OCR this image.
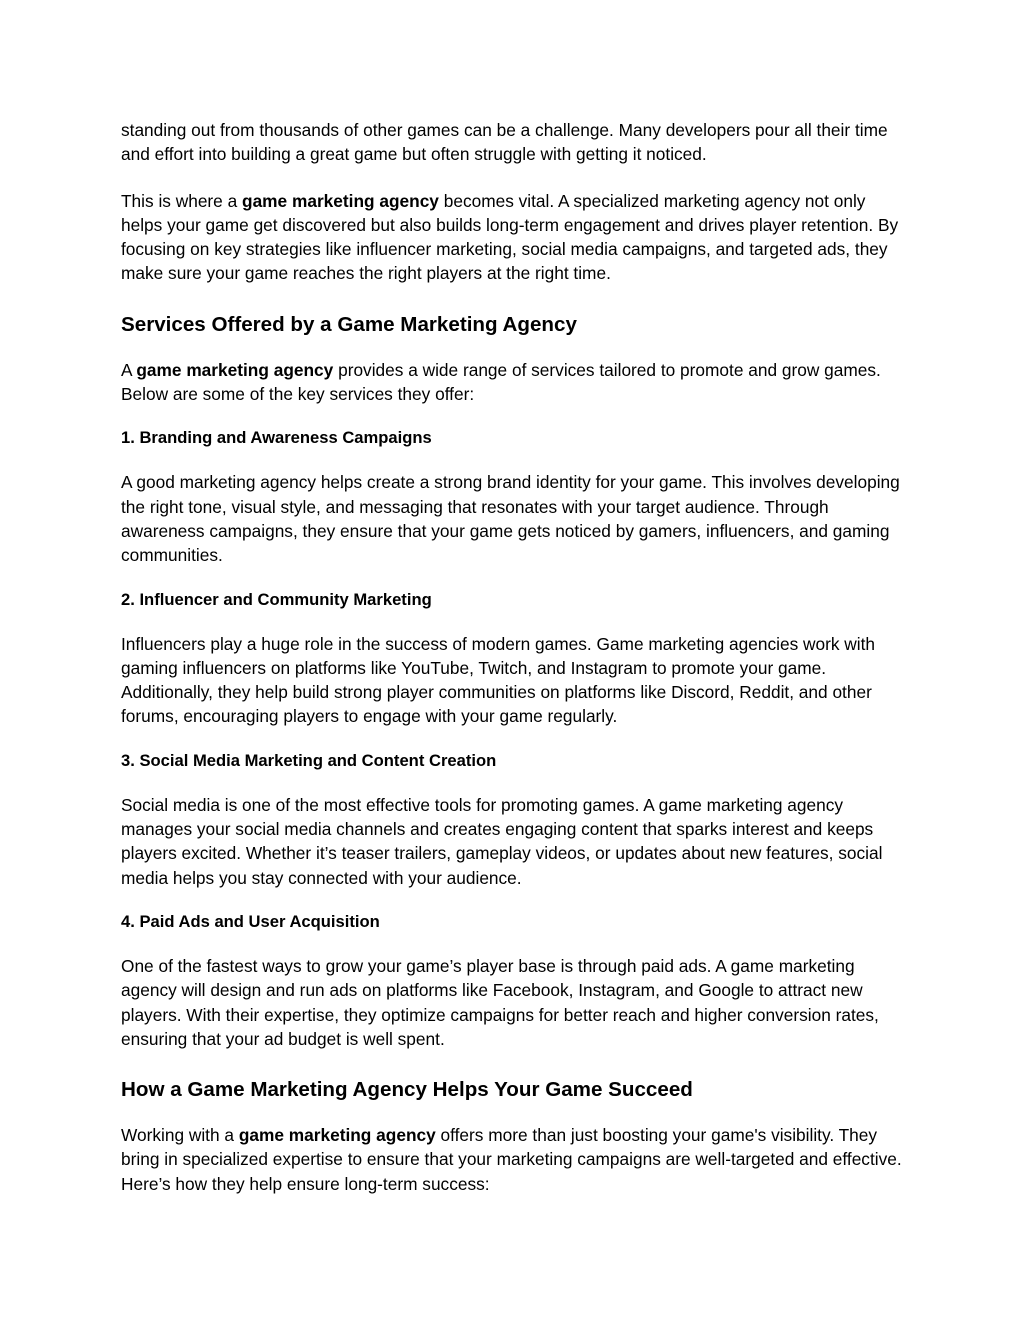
standing out from thousands of other games can be a challenge. Many developers pour all their time and effort into building a great game but often struggle with getting it noticed.

This is where a game marketing agency becomes vital. A specialized marketing agency not only helps your game get discovered but also builds long-term engagement and drives player retention. By focusing on key strategies like influencer marketing, social media campaigns, and targeted ads, they make sure your game reaches the right players at the right time.

Services Offered by a Game Marketing Agency

A game marketing agency provides a wide range of services tailored to promote and grow games. Below are some of the key services they offer:

1. Branding and Awareness Campaigns

A good marketing agency helps create a strong brand identity for your game. This involves developing the right tone, visual style, and messaging that resonates with your target audience. Through awareness campaigns, they ensure that your game gets noticed by gamers, influencers, and gaming communities.

2. Influencer and Community Marketing

Influencers play a huge role in the success of modern games. Game marketing agencies work with gaming influencers on platforms like YouTube, Twitch, and Instagram to promote your game. Additionally, they help build strong player communities on platforms like Discord, Reddit, and other forums, encouraging players to engage with your game regularly.

3. Social Media Marketing and Content Creation

Social media is one of the most effective tools for promoting games. A game marketing agency manages your social media channels and creates engaging content that sparks interest and keeps players excited. Whether it’s teaser trailers, gameplay videos, or updates about new features, social media helps you stay connected with your audience.

4. Paid Ads and User Acquisition

One of the fastest ways to grow your game’s player base is through paid ads. A game marketing agency will design and run ads on platforms like Facebook, Instagram, and Google to attract new players. With their expertise, they optimize campaigns for better reach and higher conversion rates, ensuring that your ad budget is well spent.

How a Game Marketing Agency Helps Your Game Succeed

Working with a game marketing agency offers more than just boosting your game's visibility. They bring in specialized expertise to ensure that your marketing campaigns are well-targeted and effective. Here’s how they help ensure long-term success:
